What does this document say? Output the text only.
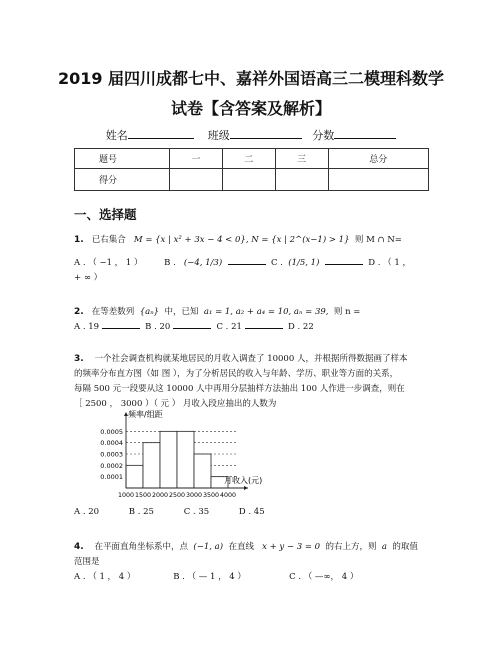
2019 届四川成都七中、嘉祥外国语高三二模理科数学
试卷【含答案及解析】
姓名	班级	分数
题号	一	二	三	总分
得分				
一、选择题
1. 已右集合 M = {x | x² + 3x − 4 < 0}, N = {x | 2^(x−1) > 1} 则 M ∩ N=
A . （ −1 ， 1 ）	B . (−4, 1/3)	C . (1/5, 1)	D . （ 1 ，
+ ∞ ）
2. 在等差数列 {aₙ} 中，已知 a₁ = 1, a₂ + a₄ = 10, aₙ = 39, 则 n =
A . 19	B . 20	C . 21	D . 22
3. 一个社会调查机构就某地居民的月收入调查了 10000 人，并根据所得数据画了样本
的频率分布直方图（如 图 ），为了分析居民的收入与年龄、学历、职业等方面的关系，
每隔 500 元一段要从这 10000 人中再用分层抽样方法抽出 100 人作进一步调查，则在
［ 2500 ， 3000 ）（ 元 ） 月收入段应抽出的人数为
0.0005
0.0004
0.0003
0.0002
0.0001
1000 1500 2000 2500 3000 3500 4000
频率/组距
月收入(元)
A . 20	B . 25	C . 35	D . 45
4. 在平面直角坐标系中，点 (−1, a) 在直线 x + y − 3 = 0 的右上方，则 a 的取值
范围是
A . （ 1 ， 4 ）	B . （ — 1 ， 4 ）	C . （ —∞， 4 ）
